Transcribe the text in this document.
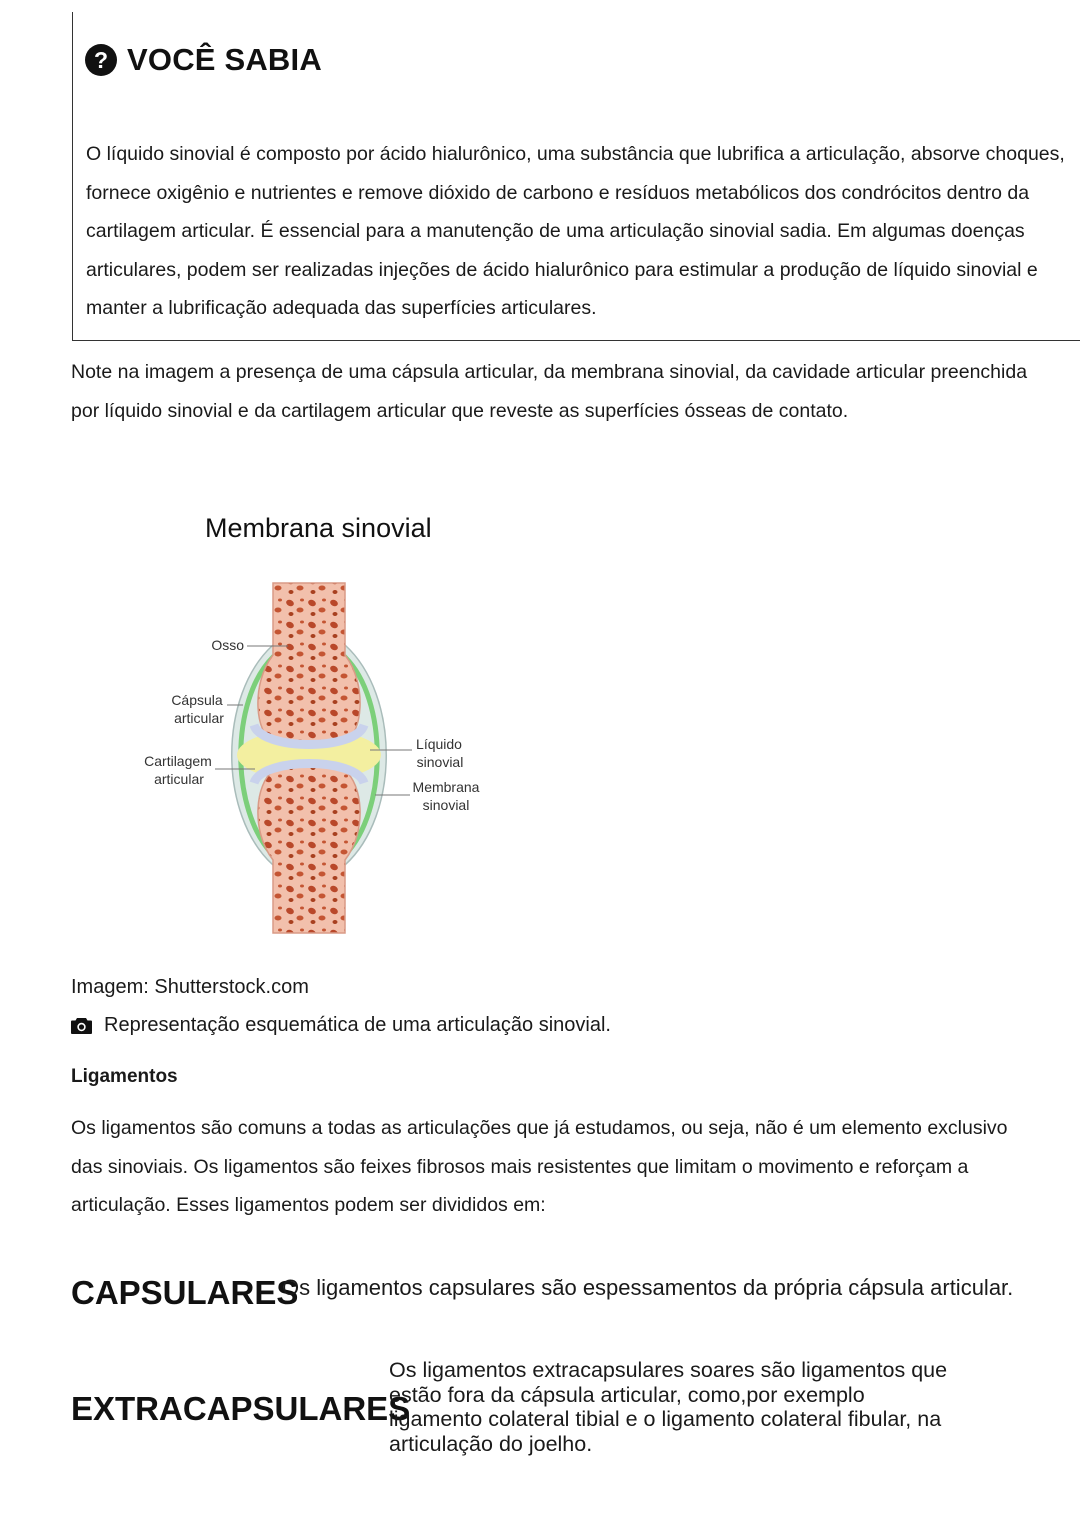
? VOCÊ SABIA

O líquido sinovial é composto por ácido hialurônico, uma substância que lubrifica a articulação, absorve choques, fornece oxigênio e nutrientes e remove dióxido de carbono e resíduos metabólicos dos condrócitos dentro da cartilagem articular. É essencial para a manutenção de uma articulação sinovial sadia. Em algumas doenças articulares, podem ser realizadas injeções de ácido hialurônico para estimular a produção de líquido sinovial e manter a lubrificação adequada das superfícies articulares.

Note na imagem a presença de uma cápsula articular, da membrana sinovial, da cavidade articular preenchida por líquido sinovial e da cartilagem articular que reveste as superfícies ósseas de contato.

Membrana sinovial
Osso
Cápsula
articular
Cartilagem
articular
Líquido
sinovial
Membrana
sinovial

Imagem: Shutterstock.com

Representação esquemática de uma articulação sinovial.
Ligamentos

Os ligamentos são comuns a todas as articulações que já estudamos, ou seja, não é um elemento exclusivo das sinoviais. Os ligamentos são feixes fibrosos mais resistentes que limitam o movimento e reforçam a articulação. Esses ligamentos podem ser divididos em:

CAPSULARES

Os ligamentos capsulares são espessamentos da própria cápsula articular.

EXTRACAPSULARES

Os ligamentos extracapsulares soares são ligamentos que estão fora da cápsula articular, como,por exemplo ligamento colateral tibial e o ligamento colateral fibular, na articulação do joelho.
